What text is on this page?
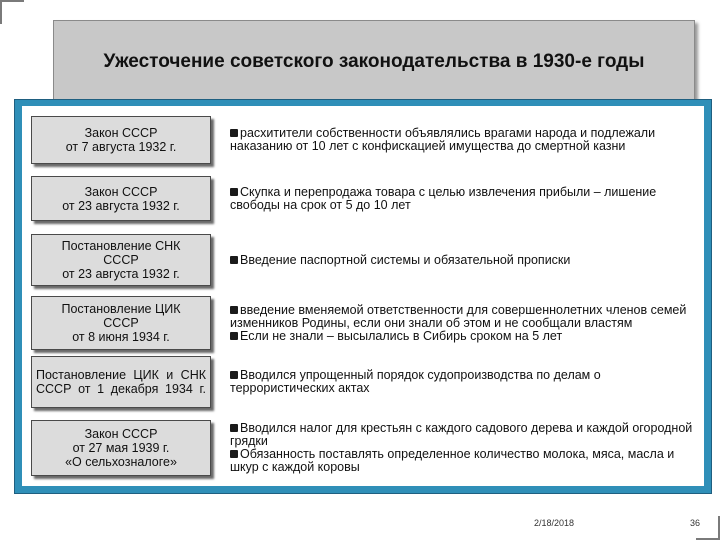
Ужесточение советского законодательства в 1930-е годы
Закон СССР
от 7 августа 1932 г.
расхитители собственности объявлялись врагами народа и подлежали наказанию от 10 лет с конфискацией имущества до смертной казни
Закон СССР
от 23 августа 1932 г.
Скупка и перепродажа товара с целью извлечения прибыли – лишение свободы на срок от 5 до 10 лет
Постановление СНК
СССР
от 23 августа 1932 г.
Введение паспортной системы и обязательной прописки
Постановление ЦИК
СССР
от 8 июня 1934 г.
введение вменяемой ответственности для совершеннолетних членов семей изменников Родины, если они знали об этом и не сообщали властям
Если не знали – высылались в Сибирь сроком на 5 лет
Постановление ЦИК и СНК СССР от 1 декабря 1934 г.
Вводился упрощенный порядок судопроизводства по делам о террористических актах
Закон СССР
от 27 мая 1939 г.
«О сельхозналоге»
Вводился налог для крестьян с каждого садового дерева и каждой огородной грядки
Обязанность поставлять определенное количество молока, мяса, масла и шкур с каждой коровы
2/18/2018	36
